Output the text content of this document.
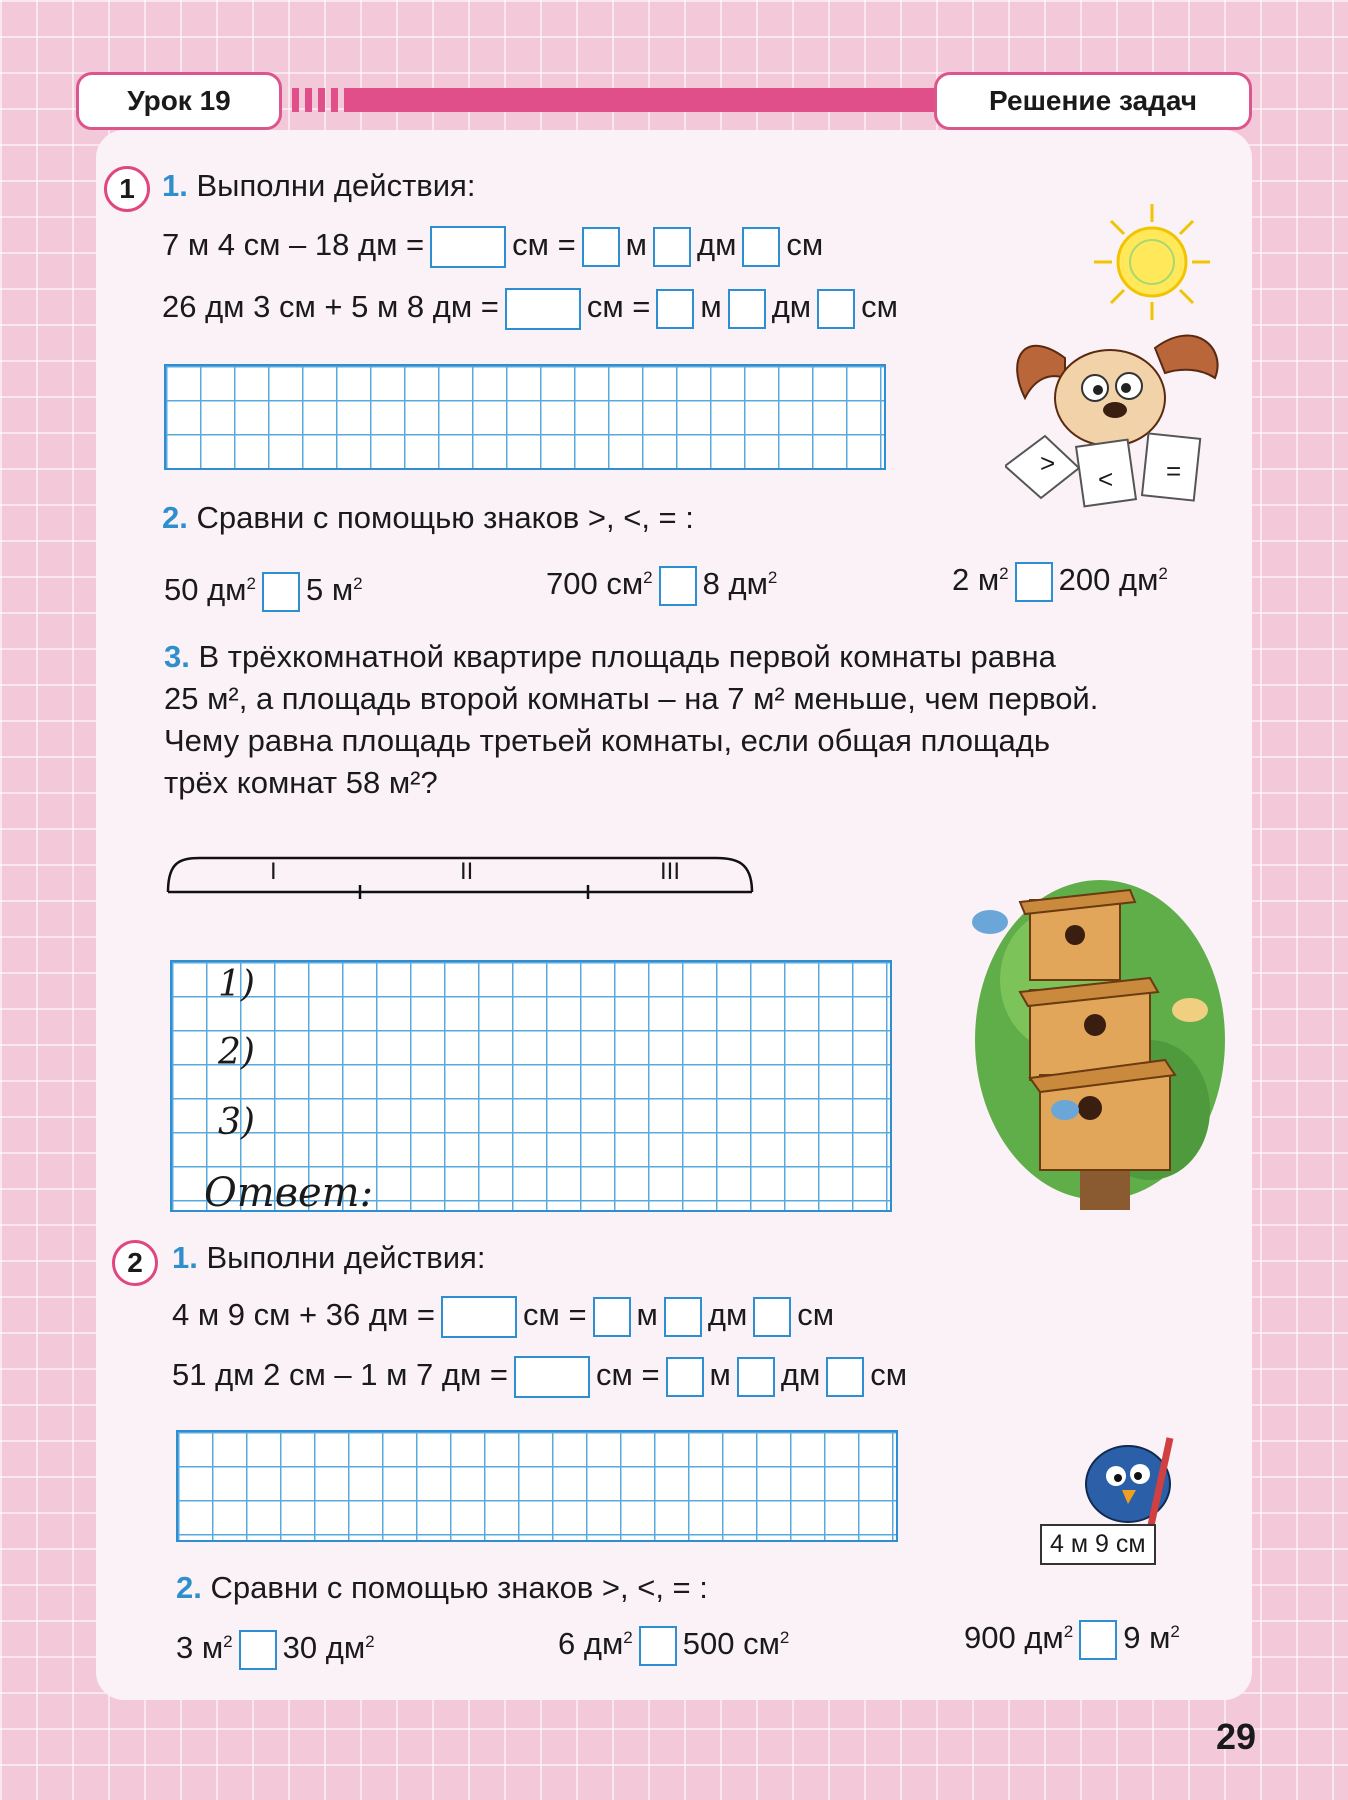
Урок 19	Решение задач
1 1. Выполни действия:
7 м 4 см – 18 дм =	см = м дм см
26 дм 3 см + 5 м 8 дм =	см = м дм см
>
< =
2. Сравни с помощью знаков >, <, = :
50 $дм^2$ 5 $м^2$	700 $см^2$ 8 $дм^2$	2 $м^2$ 200 $дм^2$
3. В трёхкомнатной квартире площадь первой комнаты равна
25 м², а площадь второй комнаты – на 7 м² меньше, чем первой.
Чему равна площадь третьей комнаты, если общая площадь
трёх комнат 58 м²?
I	II	III
1)
2)
3)
Ответ:
2 1. Выполни действия:
4 м 9 см + 36 дм =	см = м дм см
51 дм 2 см – 1 м 7 дм =	см = м дм см
4 м 9 см
2. Сравни с помощью знаков >, <, = :
3 $м^2$ 30 $дм^2$	6 $дм^2$ 500 $см^2$	900 $дм^2$ 9 $м^2$
29
